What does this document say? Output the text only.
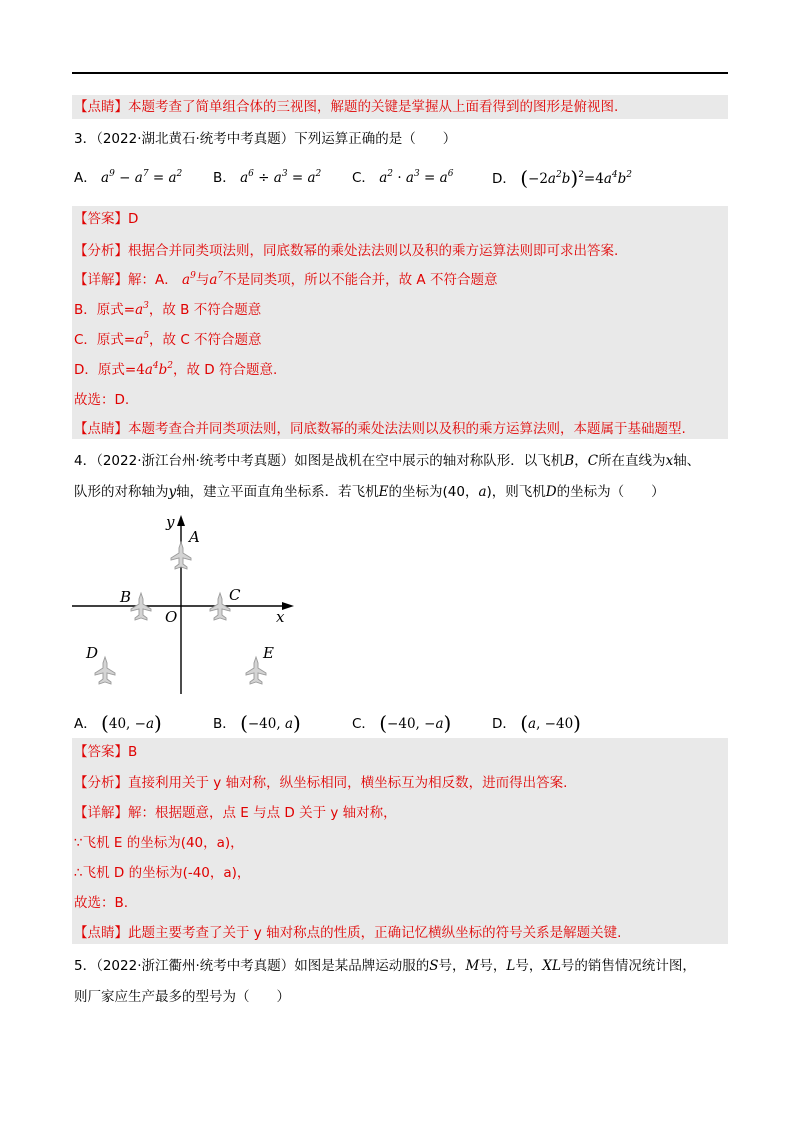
【点睛】本题考查了简单组合体的三视图，解题的关键是掌握从上面看得到的图形是俯视图.
3．（2022·湖北黄石·统考中考真题）下列运算正确的是（　　）
A． $a^9 - a^7 = a^2$ B． $a^6 \div a^3 = a^2$ C． $a^2 \cdot a^3 = a^6$	D． $(-2a^2b)^2=4a^4b^2$
【答案】D
【分析】根据合并同类项法则，同底数幂的乘处法法则以及积的乘方运算法则即可求出答案.
【详解】解：A． $a^9$与$a^7$不是同类项，所以不能合并，故 A 不符合题意
B．原式$=a^3$，故 B 不符合题意
C．原式$=a^5$，故 C 不符合题意
D．原式$=4a^4b^2$，故 D 符合题意.
故选：D.
【点睛】本题考查合并同类项法则，同底数幂的乘处法法则以及积的乘方运算法则，本题属于基础题型.
4．（2022·浙江台州·统考中考真题）如图是战机在空中展示的轴对称队形．以飞机B，C所在直线为x轴、
队形的对称轴为y轴，建立平面直角坐标系．若飞机E的坐标为(40，a)，则飞机D的坐标为（　　）
y
x
O
A
B	C
D	E
A． (40, −a)	B． (−40, a)	C． (−40, −a)	D． (a, −40)
【答案】B
【分析】直接利用关于 y 轴对称，纵坐标相同，横坐标互为相反数，进而得出答案.
【详解】解：根据题意，点 E 与点 D 关于 y 轴对称，
∵飞机 E 的坐标为(40，a)，
∴飞机 D 的坐标为(-40，a)，
故选：B.
【点睛】此题主要考查了关于 y 轴对称点的性质，正确记忆横纵坐标的符号关系是解题关键.
5．（2022·浙江衢州·统考中考真题）如图是某品牌运动服的S号，M号，L号，XL号的销售情况统计图，
则厂家应生产最多的型号为（　　）
